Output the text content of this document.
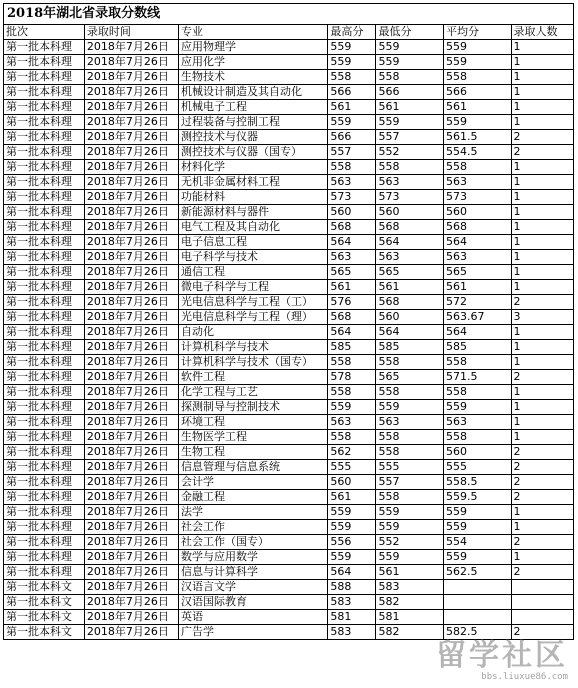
2018年湖北省录取分数线						
批次	录取时间	专业	最高分	最低分	平均分	录取人数
第一批本科理	2018年7月26日	应用物理学	559	559	559	1
第一批本科理	2018年7月26日	应用化学	559	559	559	1
第一批本科理	2018年7月26日	生物技术	558	558	558	1
第一批本科理	2018年7月26日	机械设计制造及其自动化	566	566	566	1
第一批本科理	2018年7月26日	机械电子工程	561	561	561	1
第一批本科理	2018年7月26日	过程装备与控制工程	559	559	559	1
第一批本科理	2018年7月26日	测控技术与仪器	566	557	561.5	2
第一批本科理	2018年7月26日	测控技术与仪器（国专）	557	552	554.5	2
第一批本科理	2018年7月26日	材料化学	558	558	558	1
第一批本科理	2018年7月26日	无机非金属材料工程	563	563	563	1
第一批本科理	2018年7月26日	功能材料	573	573	573	1
第一批本科理	2018年7月26日	新能源材料与器件	560	560	560	1
第一批本科理	2018年7月26日	电气工程及其自动化	568	568	568	1
第一批本科理	2018年7月26日	电子信息工程	564	564	564	1
第一批本科理	2018年7月26日	电子科学与技术	563	563	563	1
第一批本科理	2018年7月26日	通信工程	565	565	565	1
第一批本科理	2018年7月26日	微电子科学与工程	561	561	561	1
第一批本科理	2018年7月26日	光电信息科学与工程（工）	576	568	572	2
第一批本科理	2018年7月26日	光电信息科学与工程（理）	568	560	563.67	3
第一批本科理	2018年7月26日	自动化	564	564	564	1
第一批本科理	2018年7月26日	计算机科学与技术	585	585	585	1
第一批本科理	2018年7月26日	计算机科学与技术（国专）	558	558	558	1
第一批本科理	2018年7月26日	软件工程	578	565	571.5	2
第一批本科理	2018年7月26日	化学工程与工艺	558	558	558	1
第一批本科理	2018年7月26日	探测制导与控制技术	559	559	559	1
第一批本科理	2018年7月26日	环境工程	563	563	563	1
第一批本科理	2018年7月26日	生物医学工程	558	558	558	1
第一批本科理	2018年7月26日	生物工程	562	558	560	2
第一批本科理	2018年7月26日	信息管理与信息系统	555	555	555	2
第一批本科理	2018年7月26日	会计学	560	557	558.5	2
第一批本科理	2018年7月26日	金融工程	561	558	559.5	2
第一批本科理	2018年7月26日	法学	559	559	559	1
第一批本科理	2018年7月26日	社会工作	559	559	559	1
第一批本科理	2018年7月26日	社会工作（国专）	556	552	554	2
第一批本科理	2018年7月26日	数学与应用数学	559	559	559	1
第一批本科理	2018年7月26日	信息与计算科学	564	561	562.5	2
第一批本科文	2018年7月26日	汉语言文学	588	583		
第一批本科文	2018年7月26日	汉语国际教育	583	582		
第一批本科文	2018年7月26日	英语	581	581		
第一批本科文	2018年7月26日	广告学	583	582	582.5	2
留学社区
bbs.liuxue86.com
